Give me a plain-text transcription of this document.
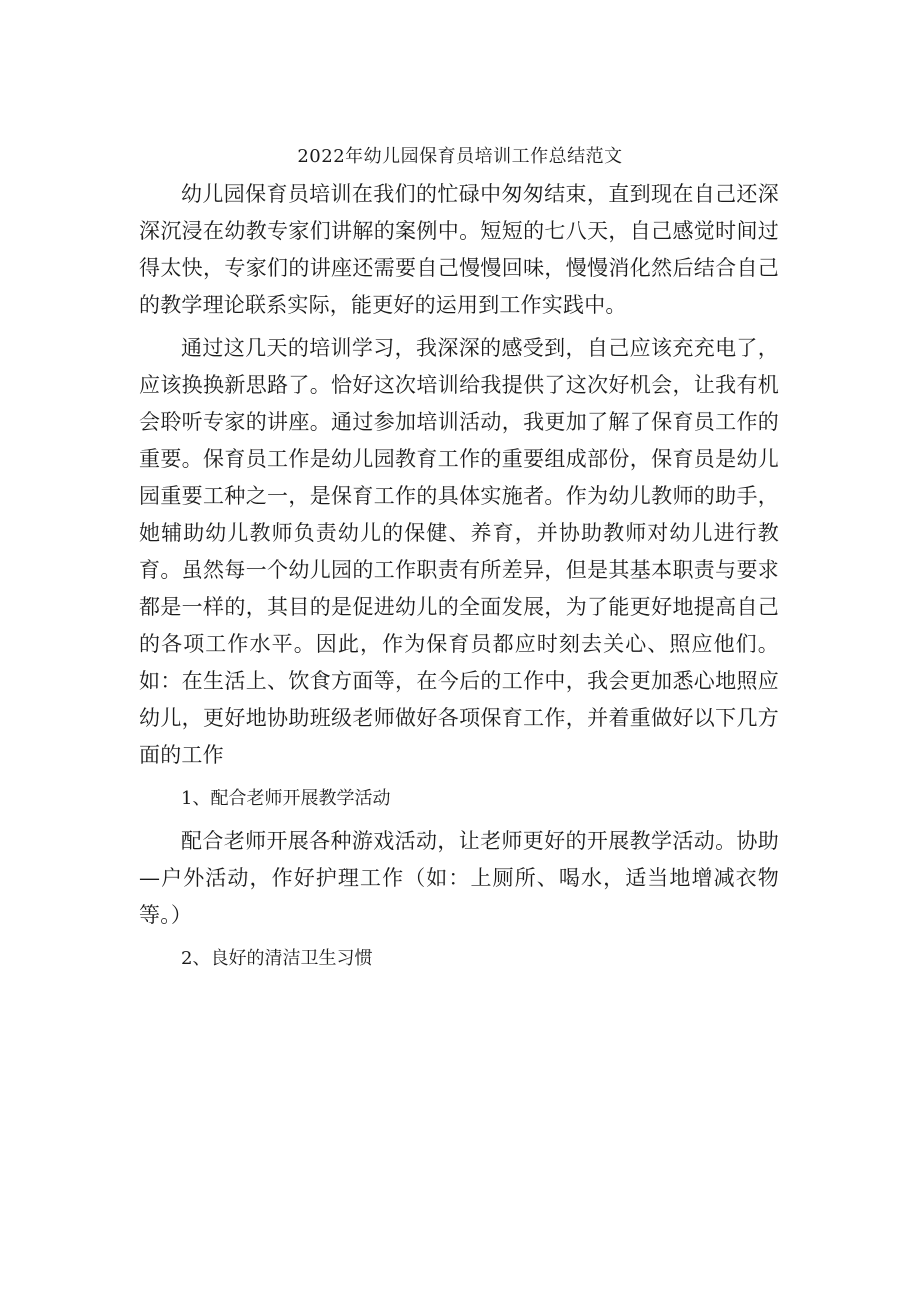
2022年幼儿园保育员培训工作总结范文

幼儿园保育员培训在我们的忙碌中匆匆结束，直到现在自己还深深沉浸在幼教专家们讲解的案例中。短短的七八天，自己感觉时间过得太快，专家们的讲座还需要自己慢慢回味，慢慢消化然后结合自己的教学理论联系实际，能更好的运用到工作实践中。

通过这几天的培训学习，我深深的感受到，自己应该充充电了，应该换换新思路了。恰好这次培训给我提供了这次好机会，让我有机会聆听专家的讲座。通过参加培训活动，我更加了解了保育员工作的重要。保育员工作是幼儿园教育工作的重要组成部份，保育员是幼儿园重要工种之一，是保育工作的具体实施者。作为幼儿教师的助手，她辅助幼儿教师负责幼儿的保健、养育，并协助教师对幼儿进行教育。虽然每一个幼儿园的工作职责有所差异，但是其基本职责与要求都是一样的，其目的是促进幼儿的全面发展，为了能更好地提高自己的各项工作水平。因此，作为保育员都应时刻去关心、照应他们。如：在生活上、饮食方面等，在今后的工作中，我会更加悉心地照应幼儿，更好地协助班级老师做好各项保育工作，并着重做好以下几方面的工作

1、配合老师开展教学活动

配合老师开展各种游戏活动，让老师更好的开展教学活动。协助—户外活动，作好护理工作（如：上厕所、喝水，适当地增减衣物等。）

2、良好的清洁卫生习惯
